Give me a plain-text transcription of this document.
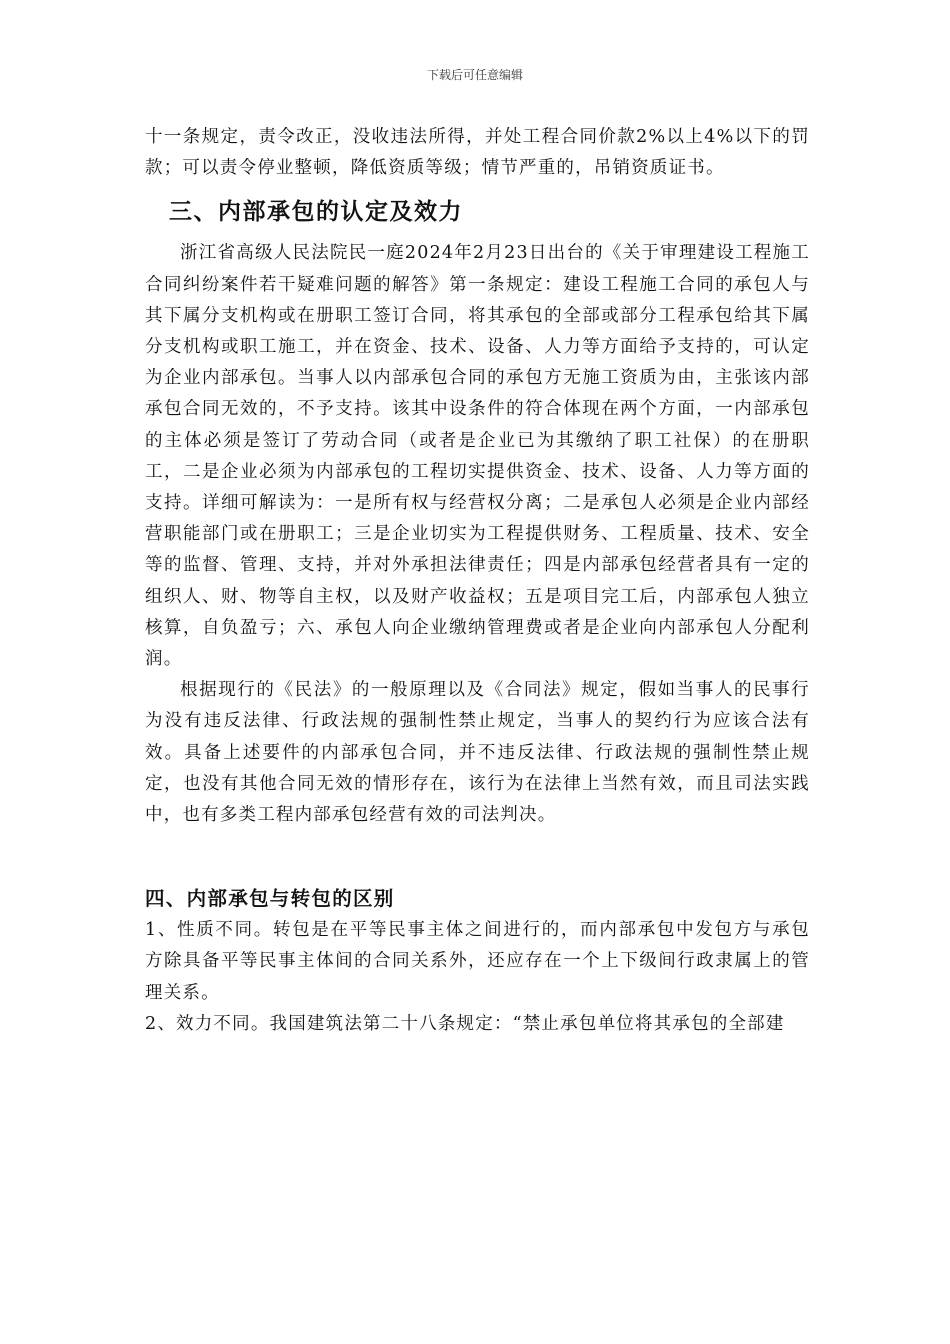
下载后可任意编辑

十一条规定，责令改正，没收违法所得，并处工程合同价款2%以上4%以下的罚款；可以责令停业整顿，降低资质等级；情节严重的，吊销资质证书。

三、内部承包的认定及效力

浙江省高级人民法院民一庭2024年2月23日出台的《关于审理建设工程施工合同纠纷案件若干疑难问题的解答》第一条规定：建设工程施工合同的承包人与其下属分支机构或在册职工签订合同，将其承包的全部或部分工程承包给其下属分支机构或职工施工，并在资金、技术、设备、人力等方面给予支持的，可认定为企业内部承包。当事人以内部承包合同的承包方无施工资质为由，主张该内部承包合同无效的，不予支持。该其中设条件的符合体现在两个方面，一内部承包的主体必须是签订了劳动合同（或者是企业已为其缴纳了职工社保）的在册职工，二是企业必须为内部承包的工程切实提供资金、技术、设备、人力等方面的支持。详细可解读为：一是所有权与经营权分离；二是承包人必须是企业内部经营职能部门或在册职工；三是企业切实为工程提供财务、工程质量、技术、安全等的监督、管理、支持，并对外承担法律责任；四是内部承包经营者具有一定的组织人、财、物等自主权，以及财产收益权；五是项目完工后，内部承包人独立核算，自负盈亏；六、承包人向企业缴纳管理费或者是企业向内部承包人分配利润。

根据现行的《民法》的一般原理以及《合同法》规定，假如当事人的民事行为没有违反法律、行政法规的强制性禁止规定，当事人的契约行为应该合法有效。具备上述要件的内部承包合同，并不违反法律、行政法规的强制性禁止规定，也没有其他合同无效的情形存在，该行为在法律上当然有效，而且司法实践中，也有多类工程内部承包经营有效的司法判决。

四、内部承包与转包的区别

1、性质不同。转包是在平等民事主体之间进行的，而内部承包中发包方与承包方除具备平等民事主体间的合同关系外，还应存在一个上下级间行政隶属上的管理关系。

2、效力不同。我国建筑法第二十八条规定：“禁止承包单位将其承包的全部建
